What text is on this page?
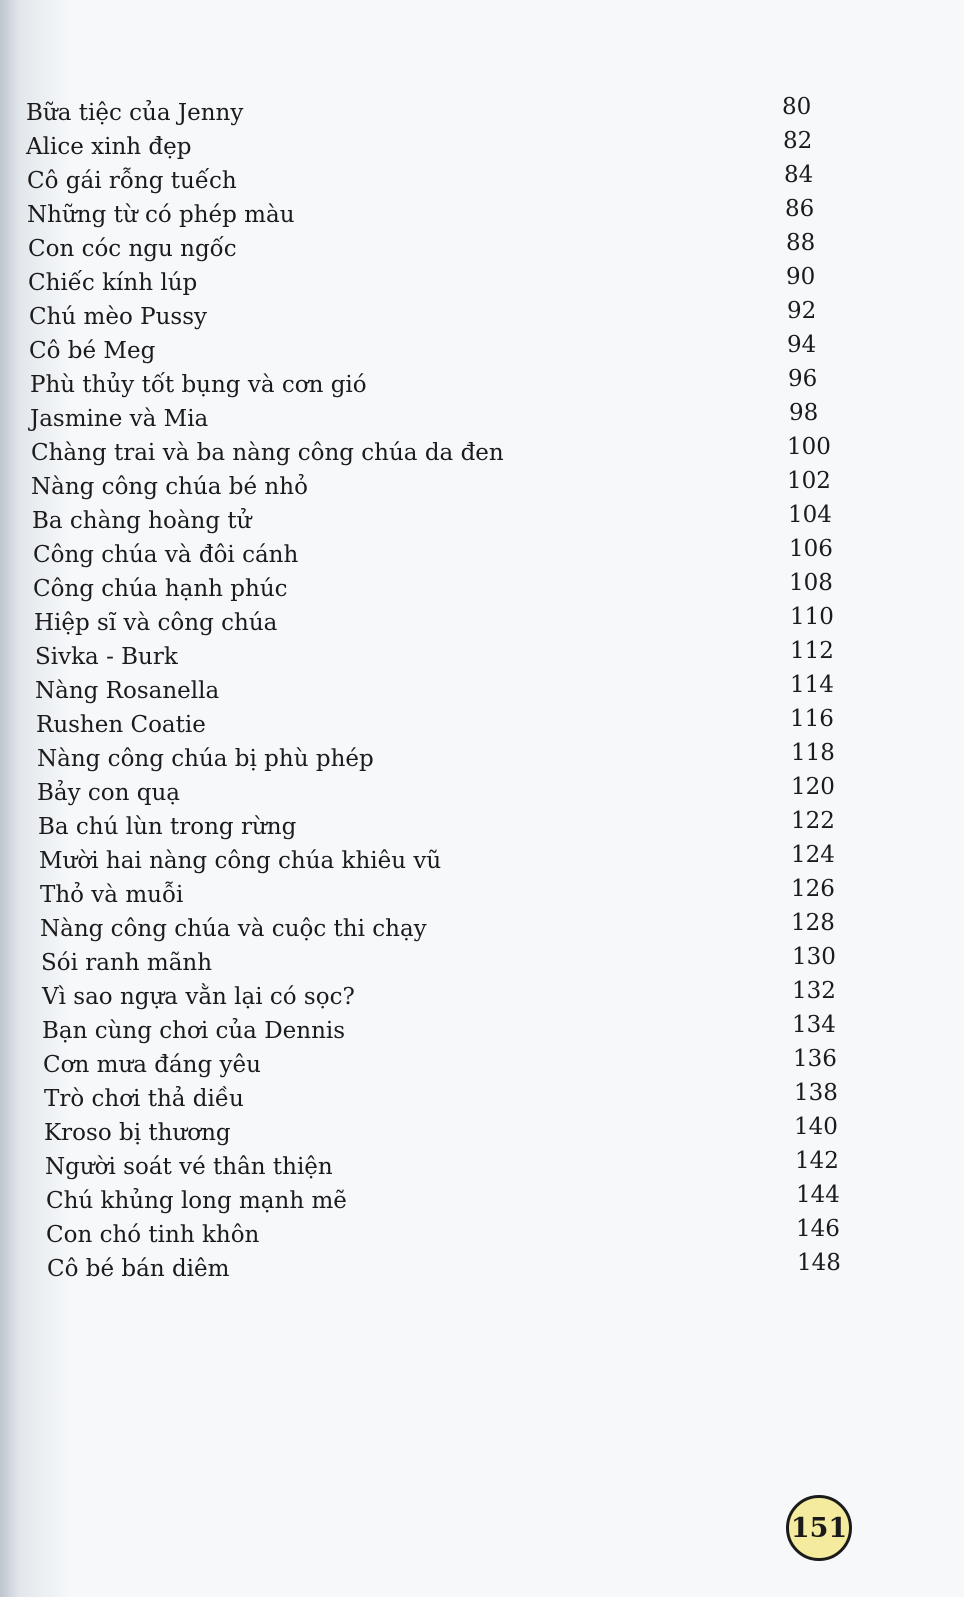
Bữa tiệc của Jenny	80
Alice xinh đẹp	82
Cô gái rỗng tuếch	84
Những từ có phép màu	86
Con cóc ngu ngốc	88
Chiếc kính lúp	90
Chú mèo Pussy	92
Cô bé Meg	94
Phù thủy tốt bụng và cơn gió	96
Jasmine và Mia	98
Chàng trai và ba nàng công chúa da đen	100
Nàng công chúa bé nhỏ	102
Ba chàng hoàng tử	104
Công chúa và đôi cánh	106
Công chúa hạnh phúc	108
Hiệp sĩ và công chúa	110
Sivka - Burk	112
Nàng Rosanella	114
Rushen Coatie	116
Nàng công chúa bị phù phép	118
Bảy con quạ	120
Ba chú lùn trong rừng	122
Mười hai nàng công chúa khiêu vũ	124
Thỏ và muỗi	126
Nàng công chúa và cuộc thi chạy	128
Sói ranh mãnh	130
Vì sao ngựa vằn lại có sọc?	132
Bạn cùng chơi của Dennis	134
Cơn mưa đáng yêu	136
Trò chơi thả diều	138
Kroso bị thương	140
Người soát vé thân thiện	142
Chú khủng long mạnh mẽ	144
Con chó tinh khôn	146
Cô bé bán diêm	148
151
